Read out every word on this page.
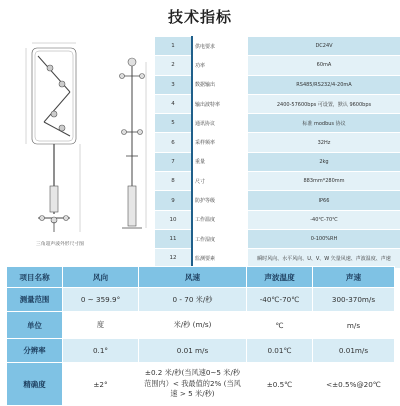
技术指标
三角超声波外形尺寸图
1	供电要求	DC24V
2	功率	60mA
3	数据输出	RS485/RS232/4-20mA
4	输出波特率	2400-57600bps 可设置，默认 9600bps
5	通讯协议	标准 modbus 协议
6	采样频率	32Hz
7	重量	2kg
8	尺寸	883mm*280mm
9	防护等级	IP66
10	工作温度	-40℃-70℃
11	工作湿度	0-100%RH
12	监测要素	瞬时风向、水平风向、U、V、W 矢量风速、声波温度、声速
项目名称	风向	风速	声波温度	声速
测量范围	0 ~ 359.9°	0 - 70 米/秒	-40℃-70℃	300-370m/s
单位	度	米/秒 (m/s)	℃	m/s
分辨率	0.1°	0.01 m/s	0.01℃	0.01m/s
精确度	±2°	±0.2 米/秒(当风速0~5 米/秒范围内）< 我最值的2% (当风速 > 5 米/秒)	±0.5℃	<±0.5%@20℃
